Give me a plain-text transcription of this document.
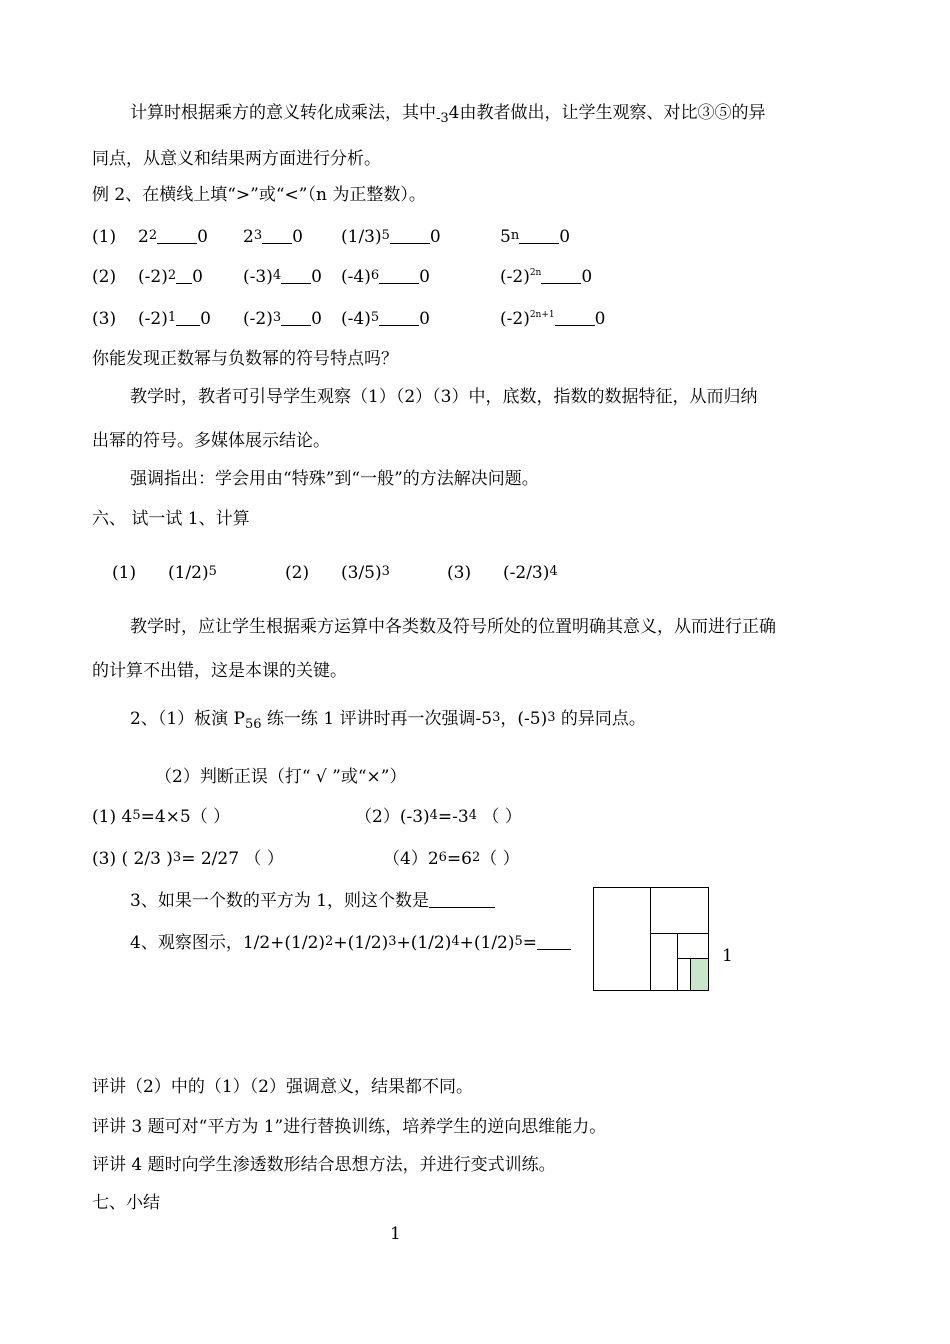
计算时根据乘方的意义转化成乘法，其中$_{-3}$4由教者做出，让学生观察、对比③⑤的异
同点，从意义和结果两方面进行分析。
例 2、在横线上填“>”或“<”（n 为正整数）。
(1) $2^2$ 0 $2^3$ 0 $(1/3)^5$ 0	5$^n$ 0
(2) $(-2)^2$ 0 $(-3)^4$ 0 $(-4)^6$ 0	$(-2)^{2n}$ 0
(3) $(-2)^1$ 0 $(-2)^3$ 0 $(-4)^5$ 0	$(-2)^{2n+1}$ 0
你能发现正数幂与负数幂的符号特点吗？
教学时，教者可引导学生观察（1）（2）（3）中，底数，指数的数据特征，从而归纳
出幂的符号。多媒体展示结论。
强调指出：学会用由“特殊”到“一般”的方法解决问题。
六、 试一试 1、计算
(1) $(1/2)^5$	(2) $(3/5)^3$	(3) $(-2/3)^4$
教学时，应让学生根据乘方运算中各类数及符号所处的位置明确其意义，从而进行正确
的计算不出错，这是本课的关键。
2、（1）板演 $P_{56}$ 练一练 1 评讲时再一次强调$-5^3$，$(-5)^3$ 的异同点。
（2）判断正误（打“ √ ”或“×”）
(1) $4^5=4\times 5$（ ）	$(2)(-3)^4=-3^4$ （ ）
(3) ( 2/3 )$^3$= 2/27 （ ）	$(4)2^6=6^2$（ ）
3、如果一个数的平方为 1，则这个数是
4、观察图示，$1/2+(1/2)^2+(1/2)^3+(1/2)^4+(1/2)^5=$
1
评讲（2）中的（1）（2）强调意义，结果都不同。
评讲 3 题可对“平方为 1”进行替换训练，培养学生的逆向思维能力。
评讲 4 题时向学生渗透数形结合思想方法，并进行变式训练。
七、小结
1
